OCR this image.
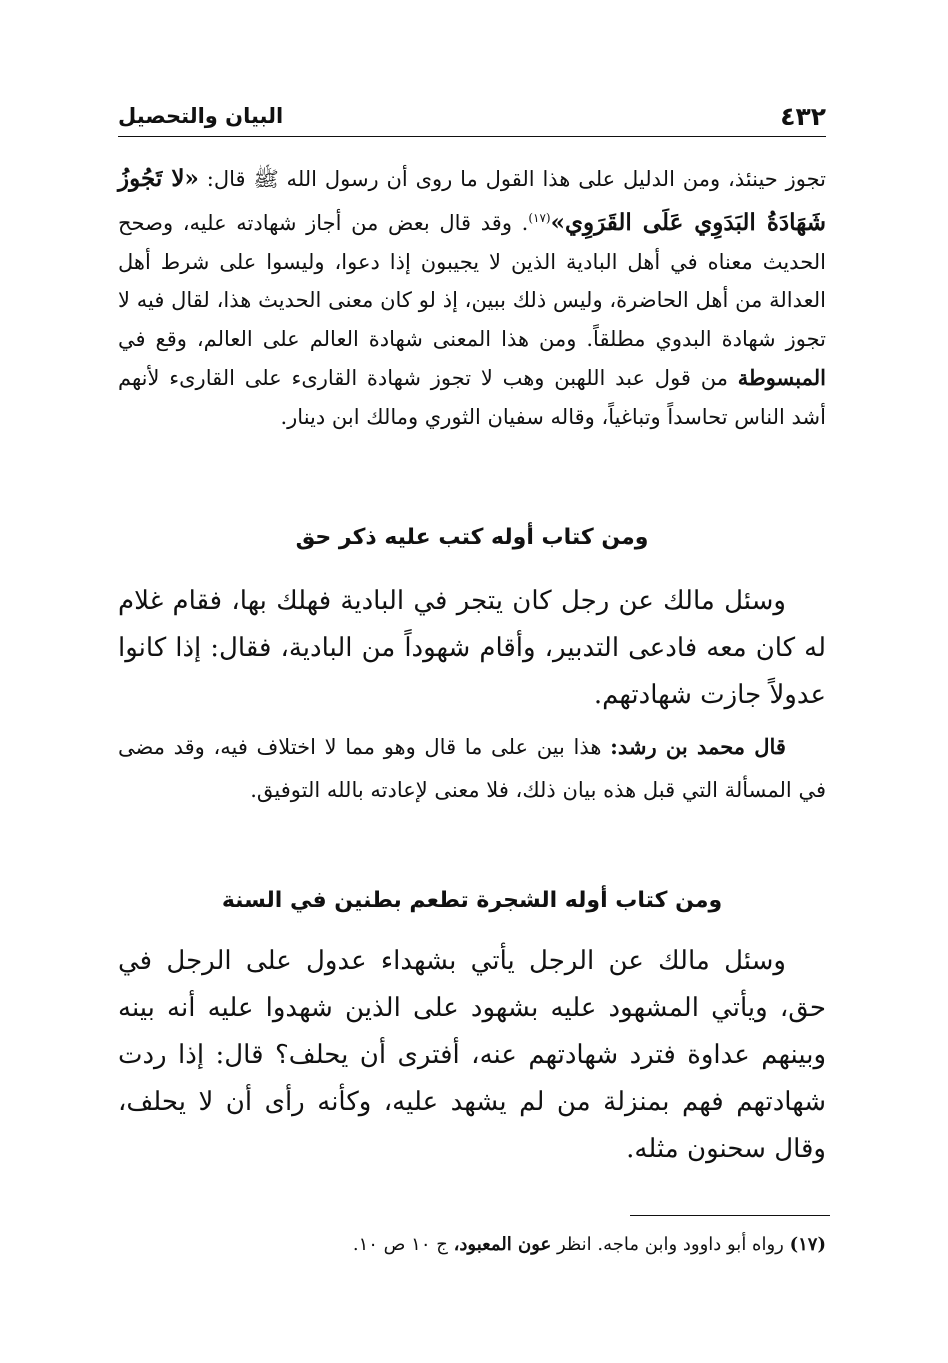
٤٣٢
البيان والتحصيل
تجوز حينئذ، ومن الدليل على هذا القول ما روى أن رسول الله ﷺ قال: «لا تَجُوزُ شَهَادَةُ البَدَوِي عَلَى القَرَوِي»$^{(١٧)}$. وقد قال بعض من أجاز شهادته عليه، وصحح الحديث معناه في أهل البادية الذين لا يجيبون إذا دعوا، وليسوا على شرط أهل العدالة من أهل الحاضرة، وليس ذلك ببين، إذ لو كان معنى الحديث هذا، لقال فيه لا تجوز شهادة البدوي مطلقاً. ومن هذا المعنى شهادة العالم على العالم، وقع في المبسوطة من قول عبد اللهبن وهب لا تجوز شهادة القارىء على القارىء لأنهم أشد الناس تحاسداً وتباغياً، وقاله سفيان الثوري ومالك ابن دينار.
ومن كتاب أوله كتب عليه ذكر حق
وسئل مالك عن رجل كان يتجر في البادية فهلك بها، فقام غلام له كان معه فادعى التدبير، وأقام شهوداً من البادية، فقال: إذا كانوا عدولاً جازت شهادتهم.
قال محمد بن رشد: هذا بين على ما قال وهو مما لا اختلاف فيه، وقد مضى في المسألة التي قبل هذه بيان ذلك، فلا معنى لإعادته بالله التوفيق.
ومن كتاب أوله الشجرة تطعم بطنين في السنة
وسئل مالك عن الرجل يأتي بشهداء عدول على الرجل في حق، ويأتي المشهود عليه بشهود على الذين شهدوا عليه أنه بينه وبينهم عداوة فترد شهادتهم عنه، أفترى أن يحلف؟ قال: إذا ردت شهادتهم فهم بمنزلة من لم يشهد عليه، وكأنه رأى أن لا يحلف، وقال سحنون مثله.
(١٧) رواه أبو داوود وابن ماجه. انظر عون المعبود، ج ١٠ ص ١٠.
